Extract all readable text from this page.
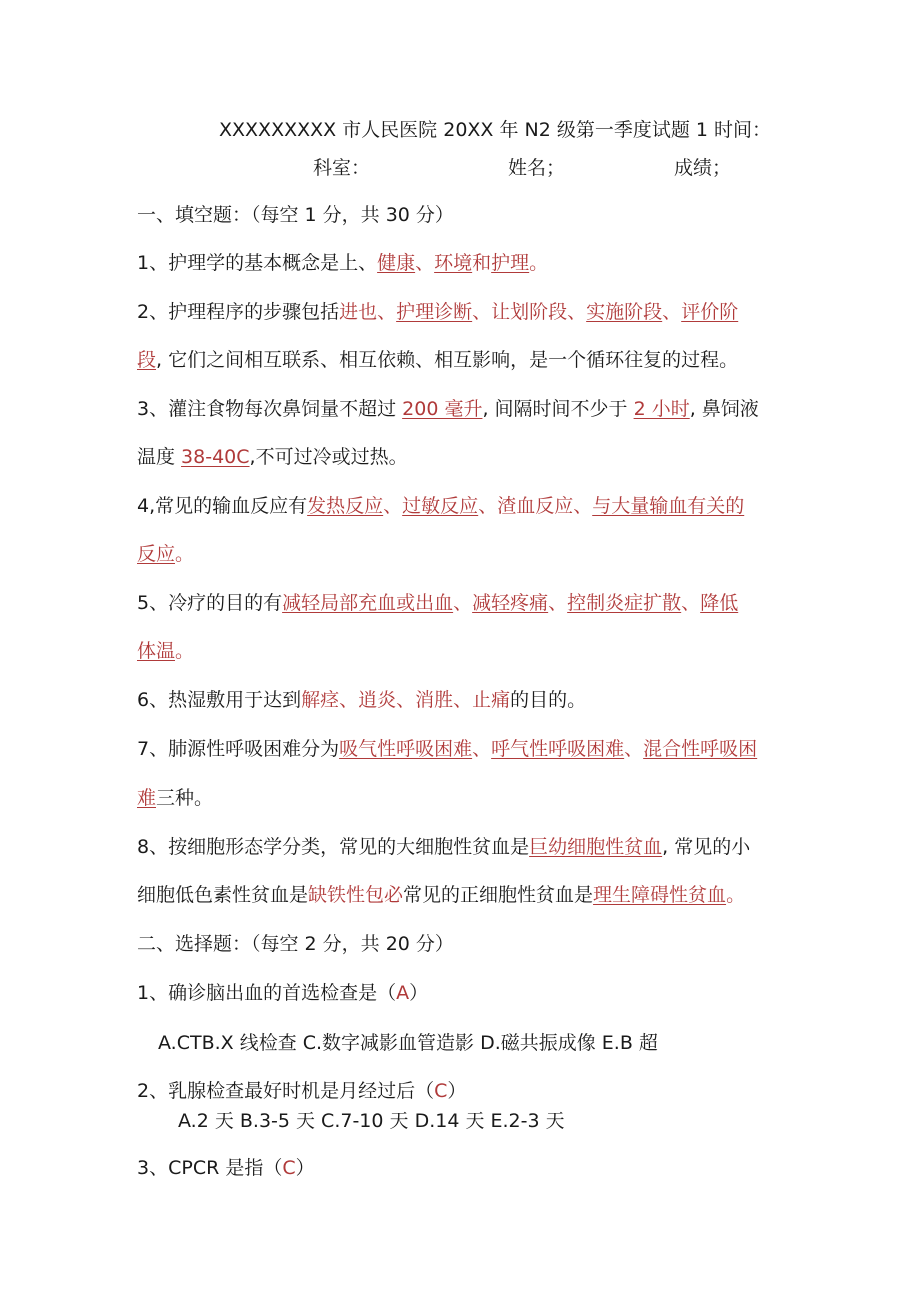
XXXXXXXXX 市人民医院 20XX 年 N2 级第一季度试题 1 时间：
科室：	姓名；	成绩；
一、填空题：（每空 1 分，共 30 分）
1、护理学的基本概念是上、健康、环境和护理。
2、护理程序的步骤包括进也、护理诊断、让划阶段、实施阶段、评价阶
段, 它们之间相互联系、相互依赖、相互影响，是一个循环往复的过程。
3、灌注食物每次鼻饲量不超过 200 毫升, 间隔时间不少于 2 小时, 鼻饲液
温度 38-40C,不可过冷或过热。
4,常见的输血反应有发热反应、过敏反应、渣血反应、与大量输血有关的
反应。
5、冷疗的目的有减轻局部充血或出血、减轻疼痛、控制炎症扩散、降低
体温。
6、热湿敷用于达到解痉、逍炎、消胜、止痛的目的。
7、肺源性呼吸困难分为吸气性呼吸困难、呼气性呼吸困难、混合性呼吸困
难三种。
8、按细胞形态学分类，常见的大细胞性贫血是巨幼细胞性贫血, 常见的小
细胞低色素性贫血是缺铁性包必常见的正细胞性贫血是理生障碍性贫血。
二、选择题：（每空 2 分，共 20 分）
1、确诊脑出血的首选检查是（A）
A.CTB.X 线检查 C.数字减影血管造影 D.磁共振成像 E.B 超
2、乳腺检查最好时机是月经过后（C）
A.2 天 B.3-5 天 C.7-10 天 D.14 天 E.2-3 天
3、CPCR 是指（C）
